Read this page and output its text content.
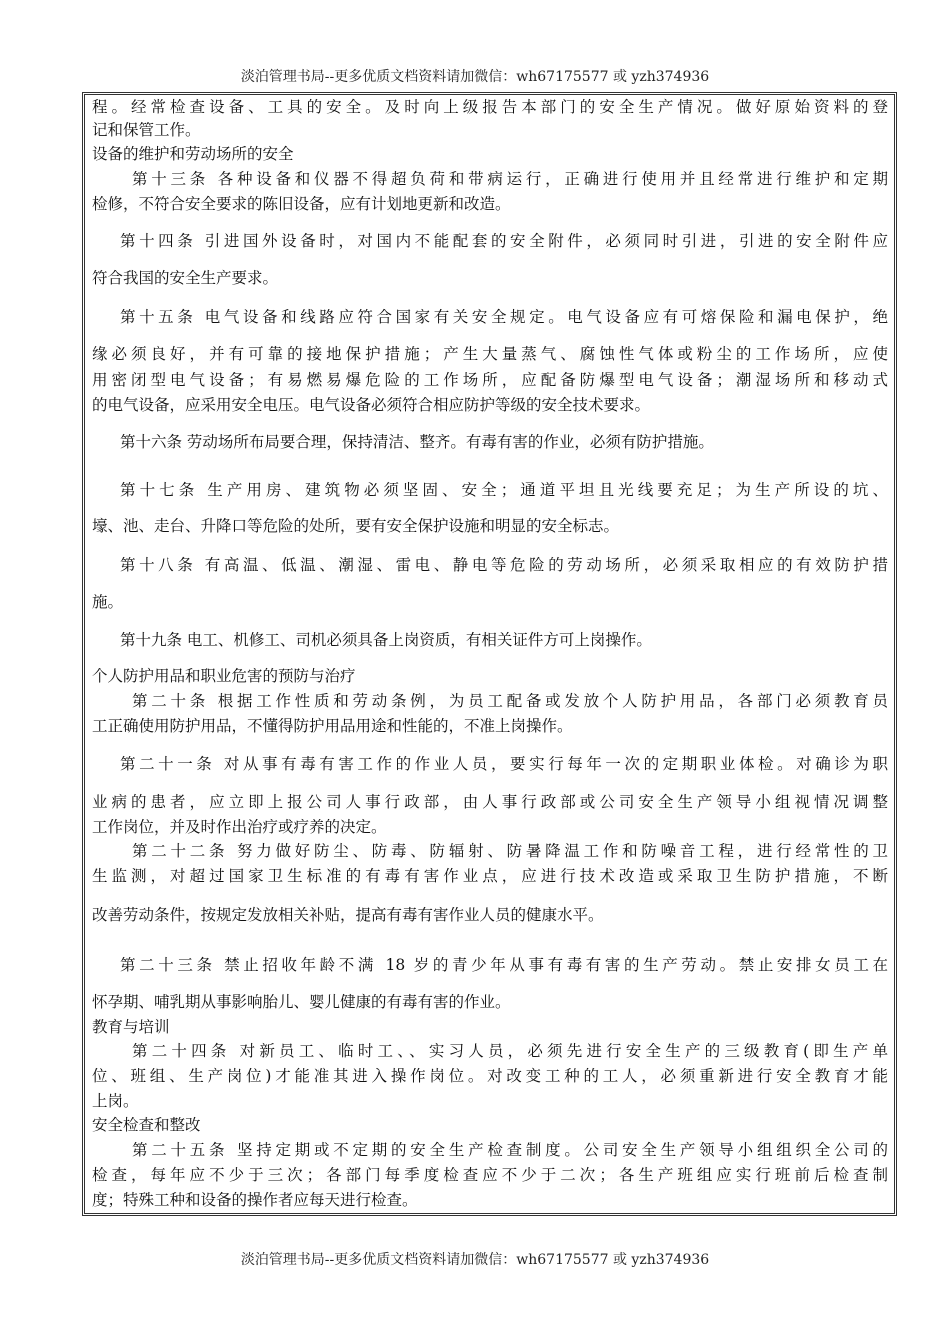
淡泊管理书局--更多优质文档资料请加微信：wh67175577 或 yzh374936
程。经常检查设备、工具的安全。及时向上级报告本部门的安全生产情况。做好原始资料的登
记和保管工作。
设备的维护和劳动场所的安全
第十三条 各种设备和仪器不得超负荷和带病运行，正确进行使用并且经常进行维护和定期
检修，不符合安全要求的陈旧设备，应有计划地更新和改造。
第十四条 引进国外设备时，对国内不能配套的安全附件，必须同时引进，引进的安全附件应
符合我国的安全生产要求。
第十五条 电气设备和线路应符合国家有关安全规定。电气设备应有可熔保险和漏电保护，绝
缘必须良好，并有可靠的接地保护措施；产生大量蒸气、腐蚀性气体或粉尘的工作场所，应使
用密闭型电气设备；有易燃易爆危险的工作场所，应配备防爆型电气设备；潮湿场所和移动式
的电气设备，应采用安全电压。电气设备必须符合相应防护等级的安全技术要求。
第十六条 劳动场所布局要合理，保持清洁、整齐。有毒有害的作业，必须有防护措施。
第十七条 生产用房、建筑物必须坚固、安全；通道平坦且光线要充足；为生产所设的坑、
壕、池、走台、升降口等危险的处所，要有安全保护设施和明显的安全标志。
第十八条 有高温、低温、潮湿、雷电、静电等危险的劳动场所，必须采取相应的有效防护措
施。
第十九条 电工、机修工、司机必须具备上岗资质，有相关证件方可上岗操作。
个人防护用品和职业危害的预防与治疗
第二十条 根据工作性质和劳动条例，为员工配备或发放个人防护用品，各部门必须教育员
工正确使用防护用品，不懂得防护用品用途和性能的，不准上岗操作。
第二十一条 对从事有毒有害工作的作业人员，要实行每年一次的定期职业体检。对确诊为职
业病的患者，应立即上报公司人事行政部，由人事行政部或公司安全生产领导小组视情况调整
工作岗位，并及时作出治疗或疗养的决定。
第二十二条 努力做好防尘、防毒、防辐射、防暑降温工作和防噪音工程，进行经常性的卫
生监测，对超过国家卫生标准的有毒有害作业点，应进行技术改造或采取卫生防护措施，不断
改善劳动条件，按规定发放相关补贴，提高有毒有害作业人员的健康水平。
第二十三条 禁止招收年龄不满 18 岁的青少年从事有毒有害的生产劳动。禁止安排女员工在
怀孕期、哺乳期从事影响胎儿、婴儿健康的有毒有害的作业。
教育与培训
第二十四条 对新员工、临时工、、实习人员，必须先进行安全生产的三级教育(即生产单
位、班组、生产岗位)才能准其进入操作岗位。对改变工种的工人，必须重新进行安全教育才能
上岗。
安全检查和整改
第二十五条 坚持定期或不定期的安全生产检查制度。公司安全生产领导小组组织全公司的
检查，每年应不少于三次；各部门每季度检查应不少于二次；各生产班组应实行班前后检查制
度；特殊工种和设备的操作者应每天进行检查。
淡泊管理书局--更多优质文档资料请加微信：wh67175577 或 yzh374936
